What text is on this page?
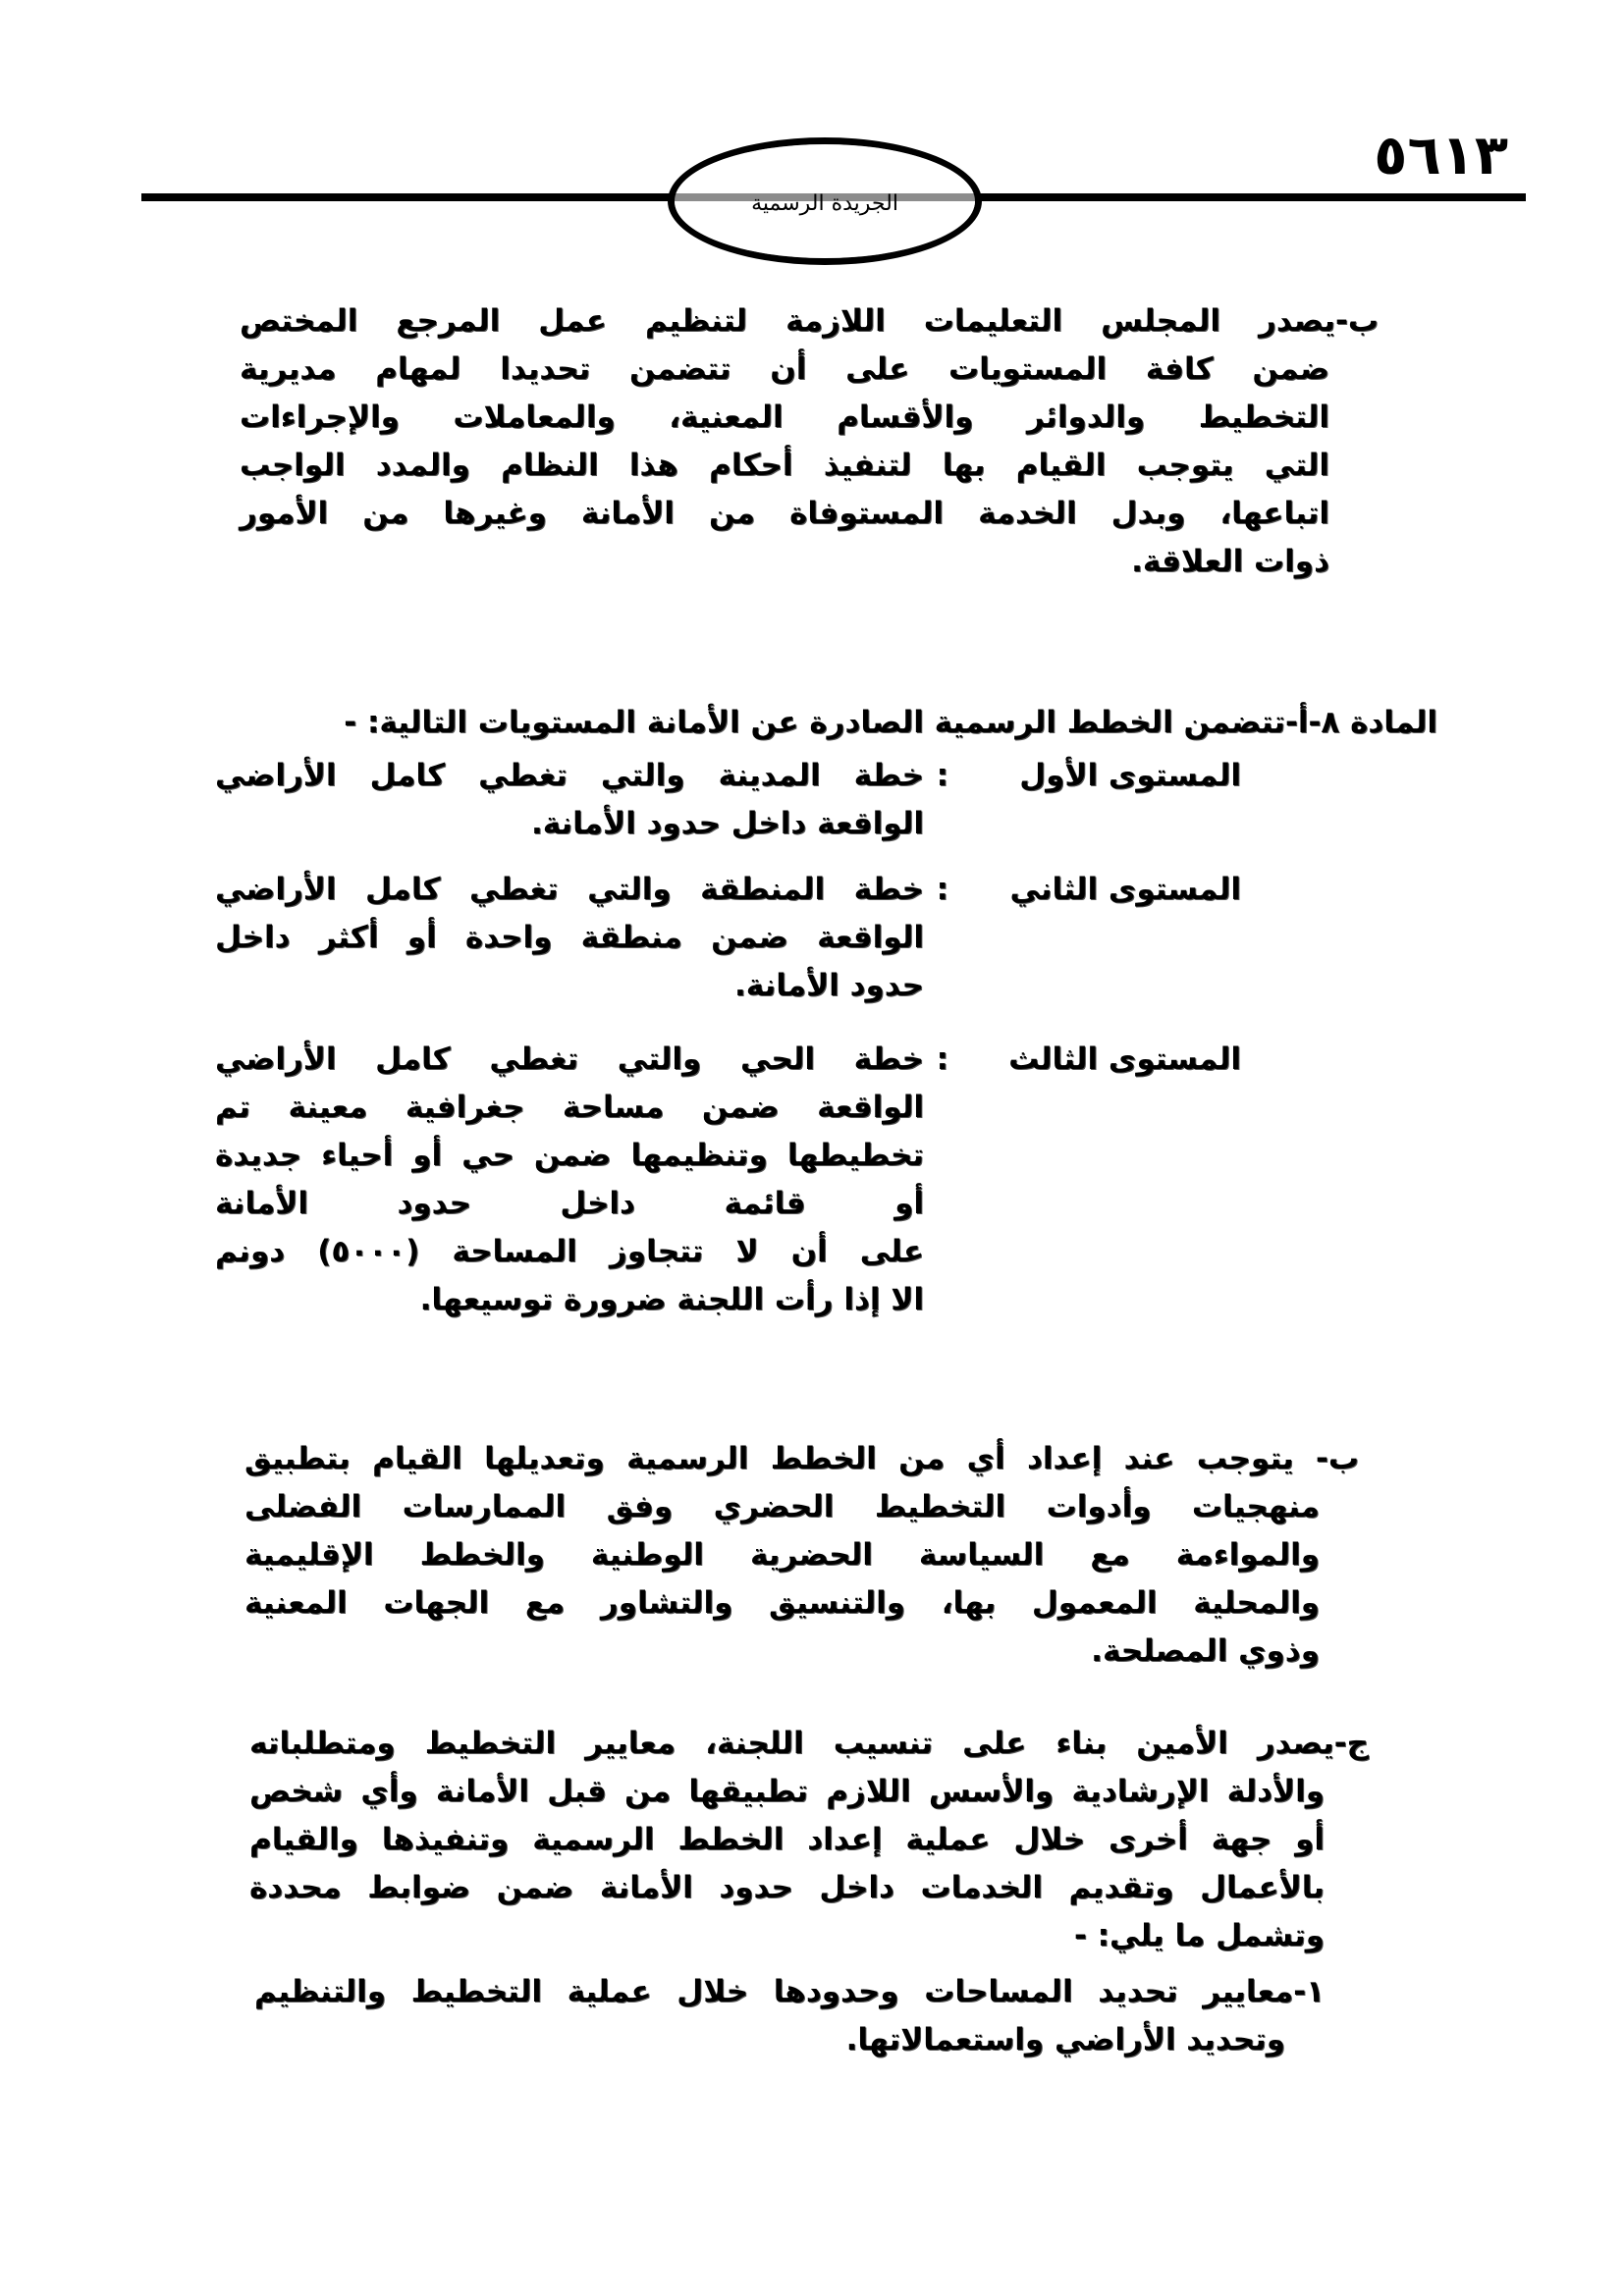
٥٦١٣
الجريدة الرسمية
ب-يصدر المجلس التعليمات اللازمة لتنظيم عمل المرجع المختص
ضمن كافة المستويات على أن تتضمن تحديدا لمهام مديرية
التخطيط والدوائر والأقسام المعنية، والمعاملات والإجراءات
التي يتوجب القيام بها لتنفيذ أحكام هذا النظام والمدد الواجب
اتباعها، وبدل الخدمة المستوفاة من الأمانة وغيرها من الأمور
ذوات العلاقة.
المادة ٨-أ-تتضمن الخطط الرسمية الصادرة عن الأمانة المستويات التالية: -
المستوى الأول
:
خطة المدينة والتي تغطي كامل الأراضي
الواقعة داخل حدود الأمانة.
المستوى الثاني
:
خطة المنطقة والتي تغطي كامل الأراضي
الواقعة ضمن منطقة واحدة أو أكثر داخل
حدود الأمانة.
المستوى الثالث
:
خطة الحي والتي تغطي كامل الأراضي
الواقعة ضمن مساحة جغرافية معينة تم
تخطيطها وتنظيمها ضمن حي أو أحياء جديدة
أو قائمة داخل حدود الأمانة
على أن لا تتجاوز المساحة (٥٠٠٠) دونم
الا إذا رأت اللجنة ضرورة توسيعها.
ب- يتوجب عند إعداد أي من الخطط الرسمية وتعديلها القيام بتطبيق
منهجيات وأدوات التخطيط الحضري وفق الممارسات الفضلى
والمواءمة مع السياسة الحضرية الوطنية والخطط الإقليمية
والمحلية المعمول بها، والتنسيق والتشاور مع الجهات المعنية
وذوي المصلحة.
ج-يصدر الأمين بناء على تنسيب اللجنة، معايير التخطيط ومتطلباته
والأدلة الإرشادية والأسس اللازم تطبيقها من قبل الأمانة وأي شخص
أو جهة أخرى خلال عملية إعداد الخطط الرسمية وتنفيذها والقيام
بالأعمال وتقديم الخدمات داخل حدود الأمانة ضمن ضوابط محددة
وتشمل ما يلي: -
١-معايير تحديد المساحات وحدودها خلال عملية التخطيط والتنظيم
وتحديد الأراضي واستعمالاتها.
